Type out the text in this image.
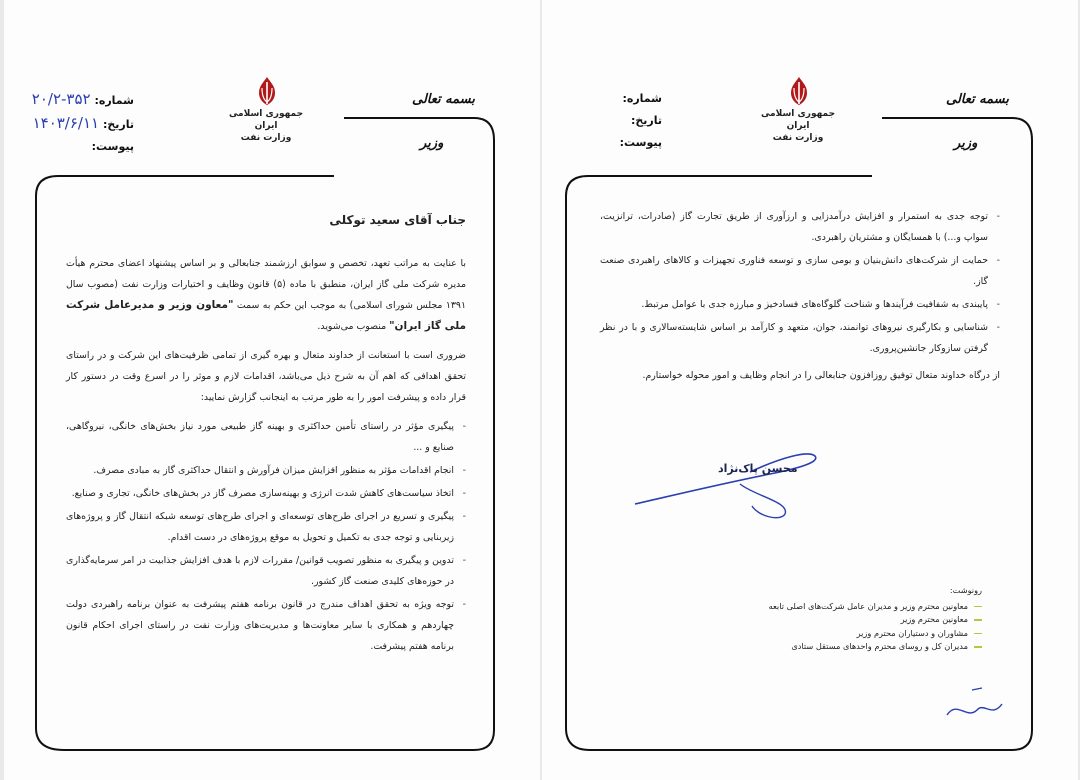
بسمه تعالی
وزیر
جمهوری اسلامی ایران
وزارت نفت
شماره: ۲۰/۲-۳۵۲
تاریخ: ۱۴۰۳/۶/۱۱
پیوست:
جناب آقای سعید توکلی

با عنایت به مراتب تعهد، تخصص و سوابق ارزشمند جنابعالی و بر اساس پیشنهاد اعضای محترم هیأت مدیره شرکت ملی گاز ایران، منطبق با ماده (۵) قانون وظایف و اختیارات وزارت نفت (مصوب سال ۱۳۹۱ مجلس شورای اسلامی) به موجب این حکم به سمت "معاون وزیر و مدیرعامل شرکت ملی گاز ایران" منصوب می‌شوید.

ضروری است با استعانت از خداوند متعال و بهره گیری از تمامی ظرفیت‌های این شرکت و در راستای تحقق اهدافی که اهم آن به شرح ذیل می‌باشد، اقدامات لازم و موثر را در اسرع وقت در دستور کار قرار داده و پیشرفت امور را به طور مرتب به اینجانب گزارش نمایید:

- پیگیری مؤثر در راستای تأمین حداکثری و بهینه گاز طبیعی مورد نیاز بخش‌های خانگی، نیروگاهی، صنایع و ...
- انجام اقدامات مؤثر به منظور افزایش میزان فرآورش و انتقال حداکثری گاز به مبادی مصرف.
- اتخاذ سیاست‌های کاهش شدت انرژی و بهینه‌سازی مصرف گاز در بخش‌های خانگی، تجاری و صنایع.
- پیگیری و تسریع در اجرای طرح‌های توسعه‌ای و اجرای طرح‌های توسعه شبکه انتقال گاز و پروژه‌های زیربنایی و توجه جدی به تکمیل و تحویل به موقع پروژه‌های در دست اقدام.
- تدوین و پیگیری به منظور تصویب قوانین/ مقررات لازم با هدف افزایش جذابیت در امر سرمایه‌گذاری در حوزه‌های کلیدی صنعت گاز کشور.
- توجه ویژه به تحقق اهداف مندرج در قانون برنامه هفتم پیشرفت به عنوان برنامه راهبردی دولت چهاردهم و همکاری با سایر معاونت‌ها و مدیریت‌های وزارت نفت در راستای اجرای احکام قانون برنامه هفتم پیشرفت.
بسمه تعالی
وزیر
جمهوری اسلامی ایران
وزارت نفت
شماره:
تاریخ:
پیوست:
- توجه جدی به استمرار و افزایش درآمدزایی و ارزآوری از طریق تجارت گاز (صادرات، ترانزیت، سواپ و...) با همسایگان و مشتریان راهبردی.
- حمایت از شرکت‌های دانش‌بنیان و بومی سازی و توسعه فناوری تجهیزات و کالاهای راهبردی صنعت گاز.
- پایبندی به شفافیت فرآیندها و شناخت گلوگاه‌های فسادخیز و مبارزه جدی با عوامل مرتبط.
- شناسایی و بکارگیری نیروهای توانمند، جوان، متعهد و کارآمد بر اساس شایسته‌سالاری و با در نظر گرفتن سازوکار جانشین‌پروری.

از درگاه خداوند متعال توفیق روزافزون جنابعالی را در انجام وظایف و امور محوله خواستارم.

محسن پاک‌نژاد
رونوشت:
معاونین محترم وزیر و مدیران عامل شرکت‌های اصلی تابعه
معاونین محترم وزیر
مشاوران و دستیاران محترم وزیر
مدیران کل و روسای محترم واحدهای مستقل ستادی
